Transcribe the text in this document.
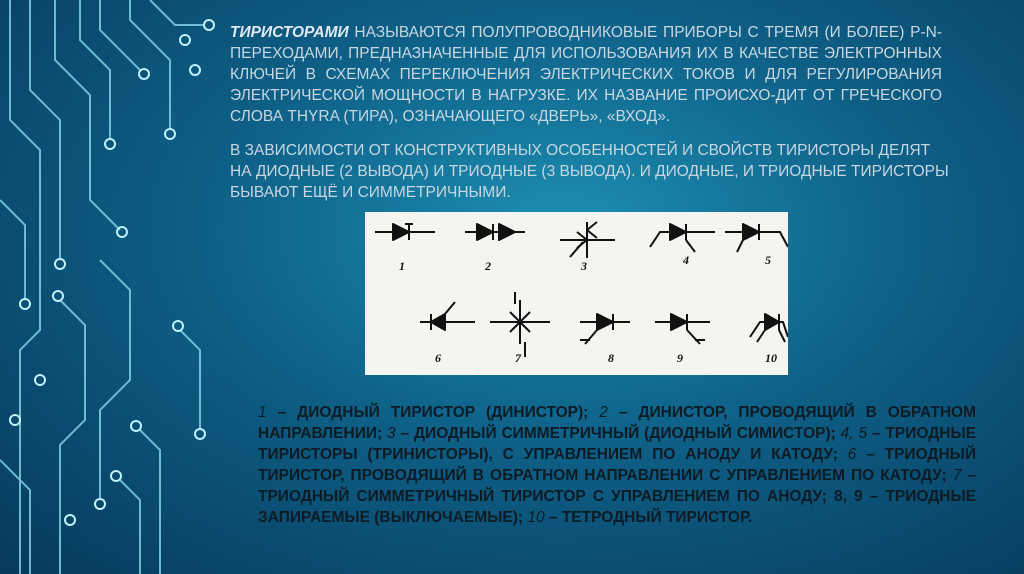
ТИРИСТОРАМИ НАЗЫВАЮТСЯ ПОЛУПРОВОДНИКОВЫЕ ПРИБОРЫ С ТРЕМЯ (И БОЛЕЕ) P-N-ПЕРЕХОДАМИ, ПРЕДНАЗНАЧЕННЫЕ ДЛЯ ИСПОЛЬЗОВАНИЯ ИХ В КАЧЕСТВЕ ЭЛЕКТРОННЫХ КЛЮЧЕЙ В СХЕМАХ ПЕРЕКЛЮЧЕНИЯ ЭЛЕКТРИЧЕСКИХ ТОКОВ И ДЛЯ РЕГУЛИРОВАНИЯ ЭЛЕКТРИЧЕСКОЙ МОЩНОСТИ В НАГРУЗКЕ. ИХ НАЗВАНИЕ ПРОИСХО-ДИТ ОТ ГРЕЧЕСКОГО СЛОВА THYRA (ТИРА), ОЗНАЧАЮЩЕГО «ДВЕРЬ», «ВХОД».

В ЗАВИСИМОСТИ ОТ КОНСТРУКТИВНЫХ ОСОБЕННОСТЕЙ И СВОЙСТВ ТИРИСТОРЫ ДЕЛЯТ НА ДИОДНЫЕ (2 ВЫВОДА) И ТРИОДНЫЕ (3 ВЫВОДА). И ДИОДНЫЕ, И ТРИОДНЫЕ ТИРИСТОРЫ БЫВАЮТ ЕЩЁ И СИММЕТРИЧНЫМИ.

1	2	3	4	5
6	7	8	9	10

1 – ДИОДНЫЙ ТИРИСТОР (ДИНИСТОР); 2 – ДИНИСТОР, ПРОВОДЯЩИЙ В ОБРАТНОМ НАПРАВЛЕНИИ; 3 – ДИОДНЫЙ СИММЕТРИЧНЫЙ (ДИОДНЫЙ СИМИСТОР); 4, 5 – ТРИОДНЫЕ ТИРИСТОРЫ (ТРИНИСТОРЫ), С УПРАВЛЕНИЕМ ПО АНОДУ И КАТОДУ; 6 – ТРИОДНЫЙ ТИРИСТОР, ПРОВОДЯЩИЙ В ОБРАТНОМ НАПРАВЛЕНИИ С УПРАВЛЕНИЕМ ПО КАТОДУ; 7 – ТРИОДНЫЙ СИММЕТРИЧНЫЙ ТИРИСТОР С УПРАВЛЕНИЕМ ПО АНОДУ; 8, 9 – ТРИОДНЫЕ ЗАПИРАЕМЫЕ (ВЫКЛЮЧАЕМЫЕ); 10 – ТЕТРОДНЫЙ ТИРИСТОР.
